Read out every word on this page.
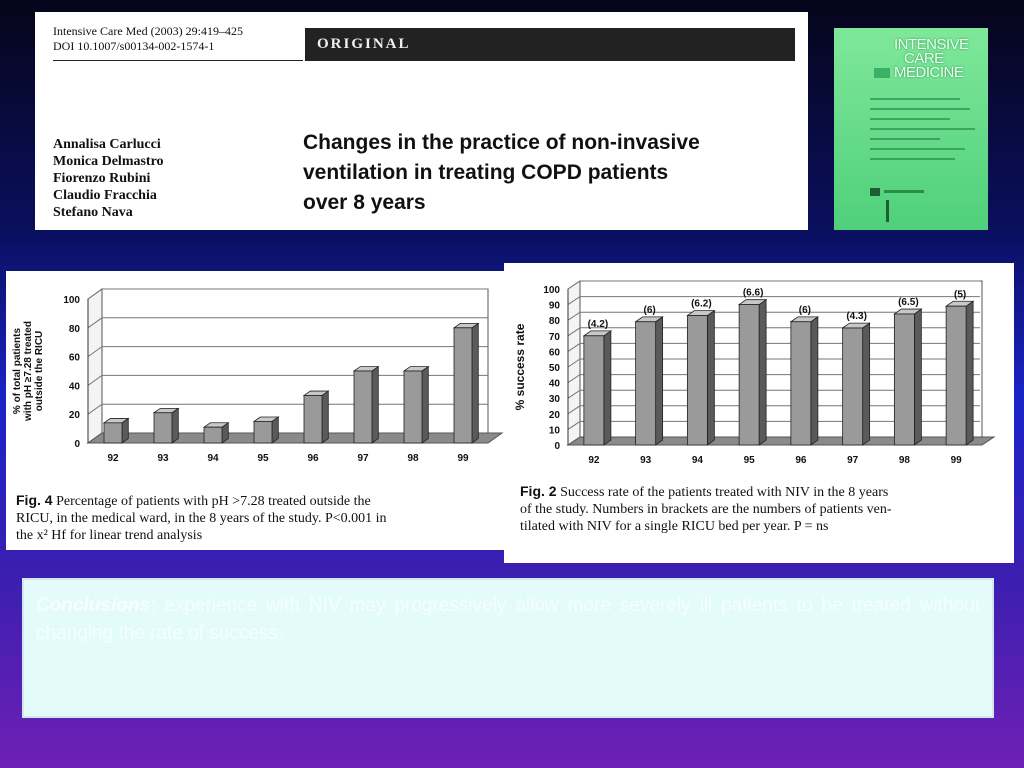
Intensive Care Med (2003) 29:419–425
DOI 10.1007/s00134-002-1574-1	ORIGINAL
Annalisa Carlucci
Monica Delmastro
Fiorenzo Rubini
Claudio Fracchia
Stefano Nava
Changes in the practice of non-invasive
ventilation in treating COPD patients
over 8 years
INTENSIVE
CARE
MEDICINE
0
20
40
60
80
100
% of total patients with pH ≥7.28 treated outside the RICU
92	93	94	95	96	97	98	99
Fig. 4 Percentage of patients with pH >7.28 treated outside the
RICU, in the medical ward, in the 8 years of the study. P<0.001 in
the x² Hf for linear trend analysis
0
10
20
30
40
50
60
70
80
90
100
% success rate
92
(4.2)
93
(6)
94
(6.2)
95
(6.6)
96
(6)
97
(4.3)
98
(6.5)
99
(5)
Fig. 2 Success rate of the patients treated with NIV in the 8 years
of the study. Numbers in brackets are the numbers of patients ven-
tilated with NIV for a single RICU bed per year. P = ns
Conclusions: experience with NIV may progressively allow more severely ill patients to be treated without changing the rate of success.
